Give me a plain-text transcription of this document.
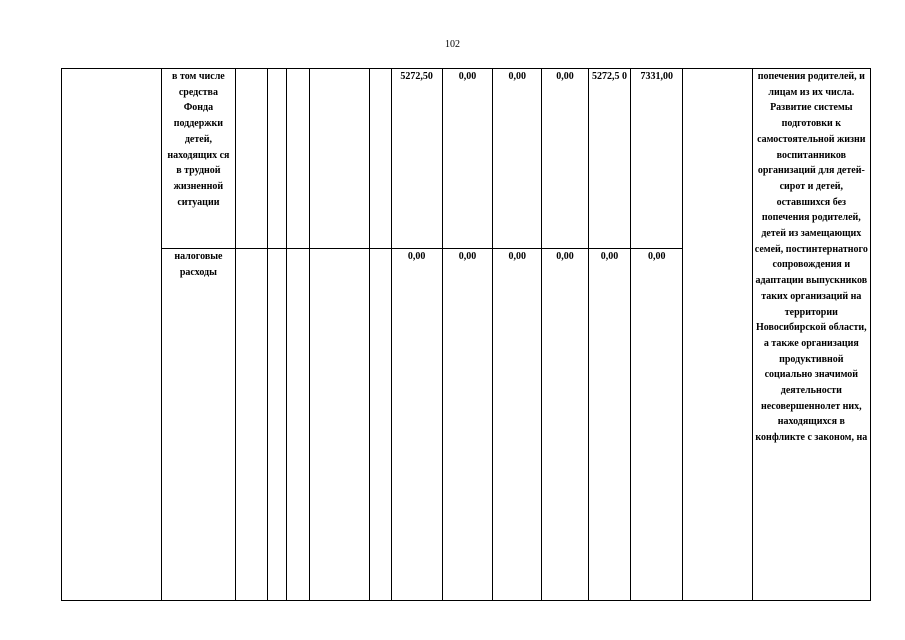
102
	в том числе средства Фонда поддержки детей, находящих ся в трудной жизненной ситуации						5272,50	0,00	0,00	0,00	5272,5 0	7331,00		попечения родителей, и лицам из их числа. Развитие системы подготовки к самостоятельной жизни воспитанников организаций для детей-сирот и детей, оставшихся без попечения родителей, детей из замещающих семей, постинтернатного сопровождения и адаптации выпускников таких организаций на территории Новосибирской области, а также организация продуктивной социально значимой деятельности несовершеннолет них, находящихся в конфликте с законом, на
	налоговые расходы						0,00	0,00	0,00	0,00	0,00	0,00		
